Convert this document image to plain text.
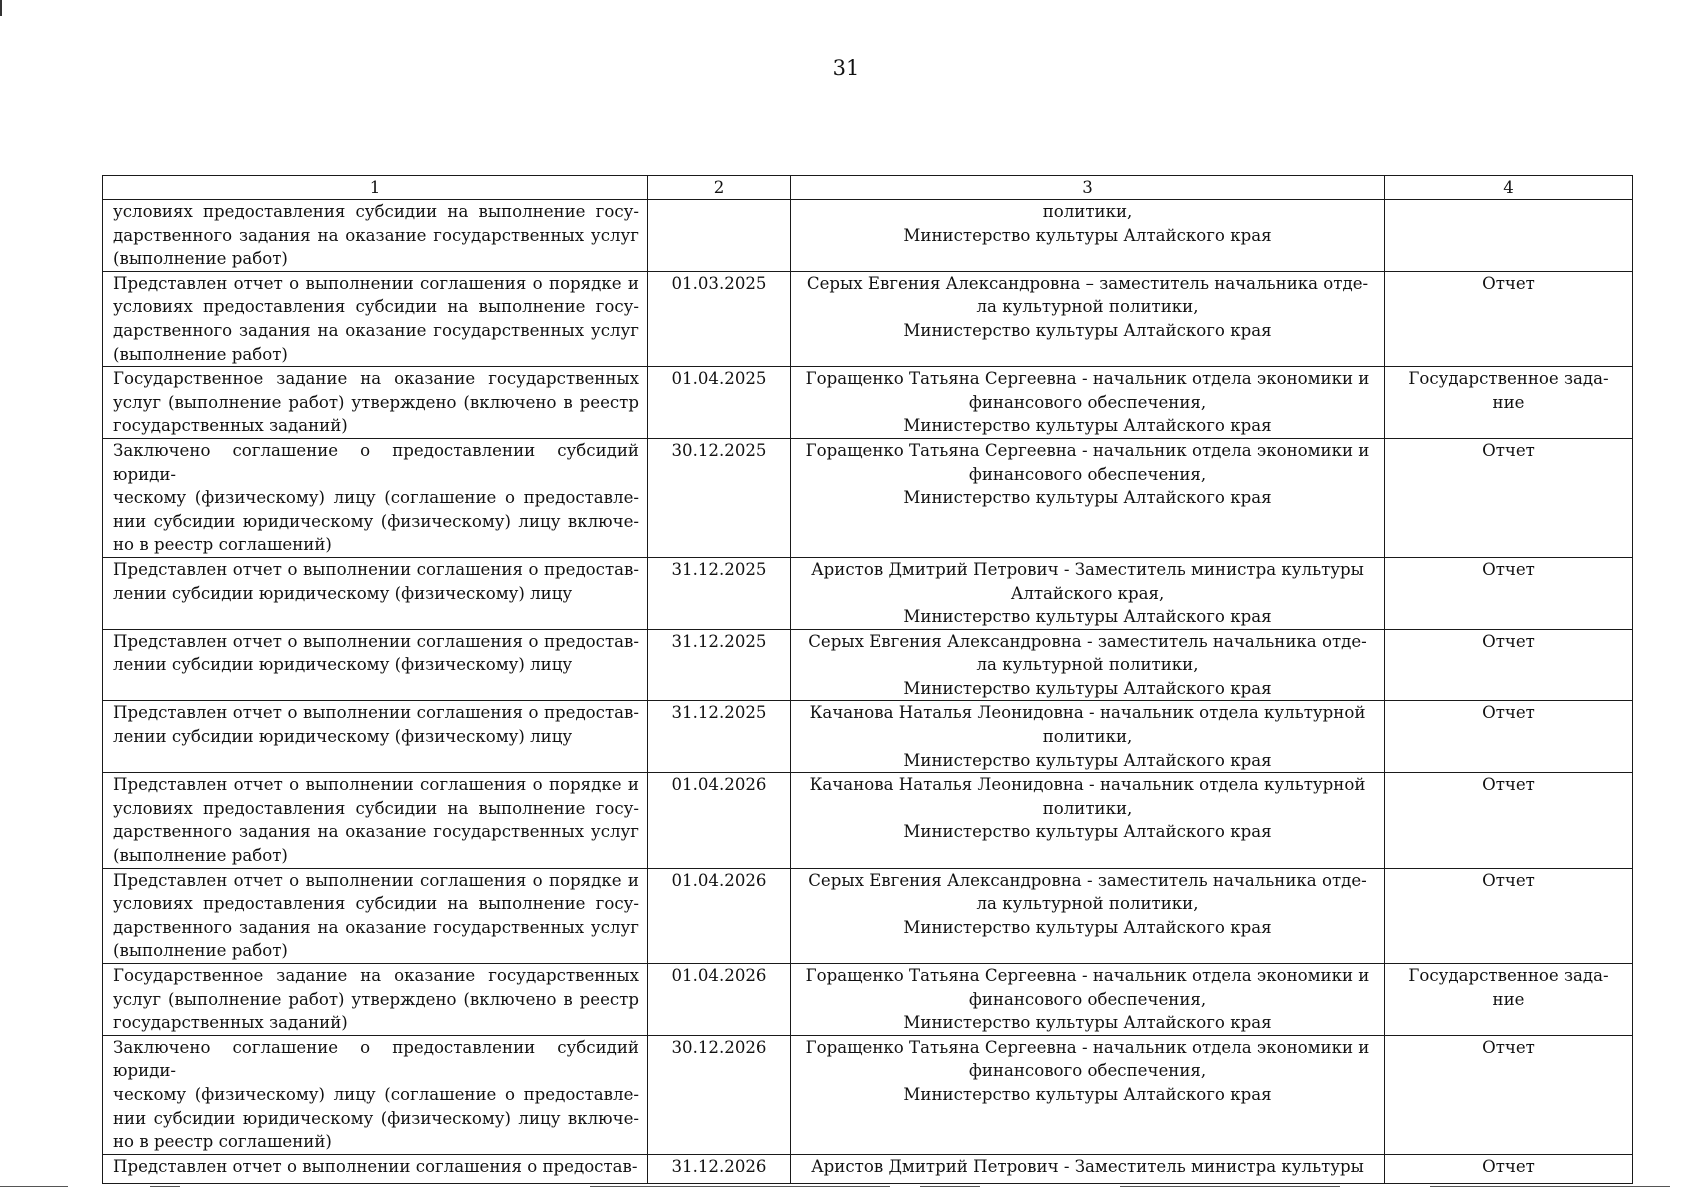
31
1	2	3	4

условиях предоставления субсидии на выполнение госу-
дарственного задания на оказание государственных услуг
(выполнение работ)		политики,
Министерство культуры Алтайского края	

Представлен отчет о выполнении соглашения о порядке и
условиях предоставления субсидии на выполнение госу-
дарственного задания на оказание государственных услуг
(выполнение работ)	01.03.2025	Серых Евгения Александровна – заместитель начальника отде-
ла культурной политики,
Министерство культуры Алтайского края	Отчет

Государственное задание на оказание государственных
услуг (выполнение работ) утверждено (включено в реестр
государственных заданий)	01.04.2025	Горащенко Татьяна Сергеевна - начальник отдела экономики и
финансового обеспечения,
Министерство культуры Алтайского края	Государственное зада-
ние

Заключено соглашение о предоставлении субсидий юриди-
ческому (физическому) лицу (соглашение о предоставле-
нии субсидии юридическому (физическому) лицу включе-
но в реестр соглашений)	30.12.2025	Горащенко Татьяна Сергеевна - начальник отдела экономики и
финансового обеспечения,
Министерство культуры Алтайского края	Отчет

Представлен отчет о выполнении соглашения о предостав-
лении субсидии юридическому (физическому) лицу	31.12.2025	Аристов Дмитрий Петрович - Заместитель министра культуры
Алтайского края,
Министерство культуры Алтайского края	Отчет

Представлен отчет о выполнении соглашения о предостав-
лении субсидии юридическому (физическому) лицу	31.12.2025	Серых Евгения Александровна - заместитель начальника отде-
ла культурной политики,
Министерство культуры Алтайского края	Отчет

Представлен отчет о выполнении соглашения о предостав-
лении субсидии юридическому (физическому) лицу	31.12.2025	Качанова Наталья Леонидовна - начальник отдела культурной
политики,
Министерство культуры Алтайского края	Отчет

Представлен отчет о выполнении соглашения о порядке и
условиях предоставления субсидии на выполнение госу-
дарственного задания на оказание государственных услуг
(выполнение работ)	01.04.2026	Качанова Наталья Леонидовна - начальник отдела культурной
политики,
Министерство культуры Алтайского края	Отчет

Представлен отчет о выполнении соглашения о порядке и
условиях предоставления субсидии на выполнение госу-
дарственного задания на оказание государственных услуг
(выполнение работ)	01.04.2026	Серых Евгения Александровна - заместитель начальника отде-
ла культурной политики,
Министерство культуры Алтайского края	Отчет

Государственное задание на оказание государственных
услуг (выполнение работ) утверждено (включено в реестр
государственных заданий)	01.04.2026	Горащенко Татьяна Сергеевна - начальник отдела экономики и
финансового обеспечения,
Министерство культуры Алтайского края	Государственное зада-
ние

Заключено соглашение о предоставлении субсидий юриди-
ческому (физическому) лицу (соглашение о предоставле-
нии субсидии юридическому (физическому) лицу включе-
но в реестр соглашений)	30.12.2026	Горащенко Татьяна Сергеевна - начальник отдела экономики и
финансового обеспечения,
Министерство культуры Алтайского края	Отчет

Представлен отчет о выполнении соглашения о предостав-	31.12.2026	Аристов Дмитрий Петрович - Заместитель министра культуры	Отчет
